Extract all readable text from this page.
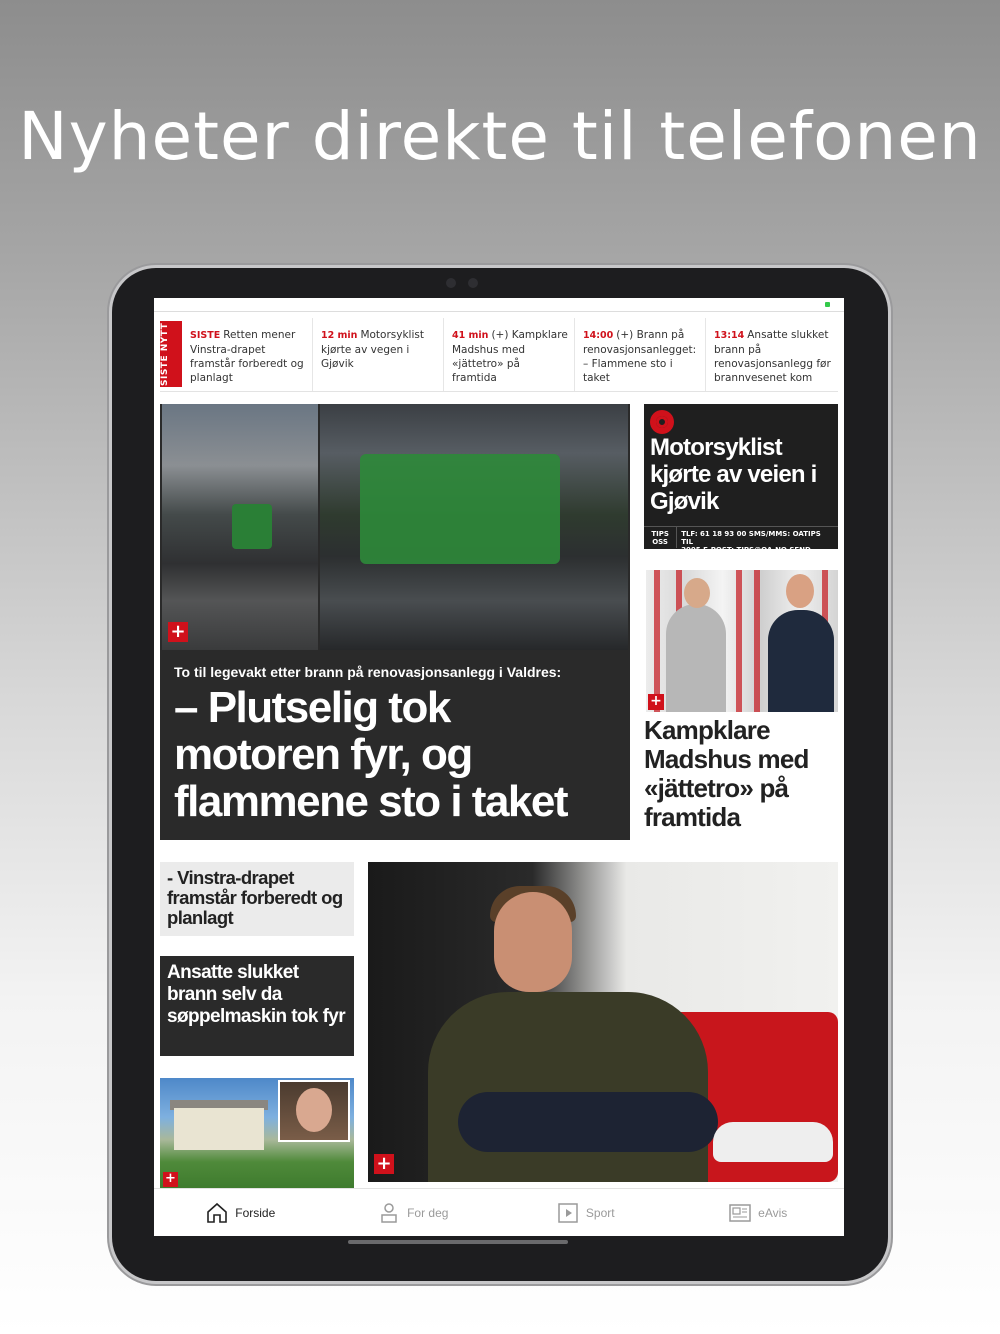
Nyheter direkte til telefonen
SISTE NYTT	SISTE Retten mener Vinstra-drapet framstår forberedt og planlagt
12 min Motorsyklist kjørte av vegen i Gjøvik
41 min (+) Kampklare Madshus med «jättetro» på framtida
14:00 (+) Brann på renovasjonsanlegget: – Flammene sto i taket
13:14 Ansatte slukket brann på renovasjonsanlegg før brannvesenet kom
+
To til legevakt etter brann på renovasjonsanlegg i Valdres:
– Plutselig tok motoren fyr, og flammene sto i taket
Motorsyklist kjørte av veien i Gjøvik
TIPS
OSS
TLF: 61 18 93 00 SMS/MMS: OATIPS TIL
2005 E-POST: TIPS@OA.NO SEND VIDEO
+
Kampklare Madshus med «jättetro» på framtida
- Vinstra-drapet framstår forberedt og planlagt
Ansatte slukket brann selv da søppelmaskin tok fyr
+
+
Forside	For deg	Sport	eAvis
